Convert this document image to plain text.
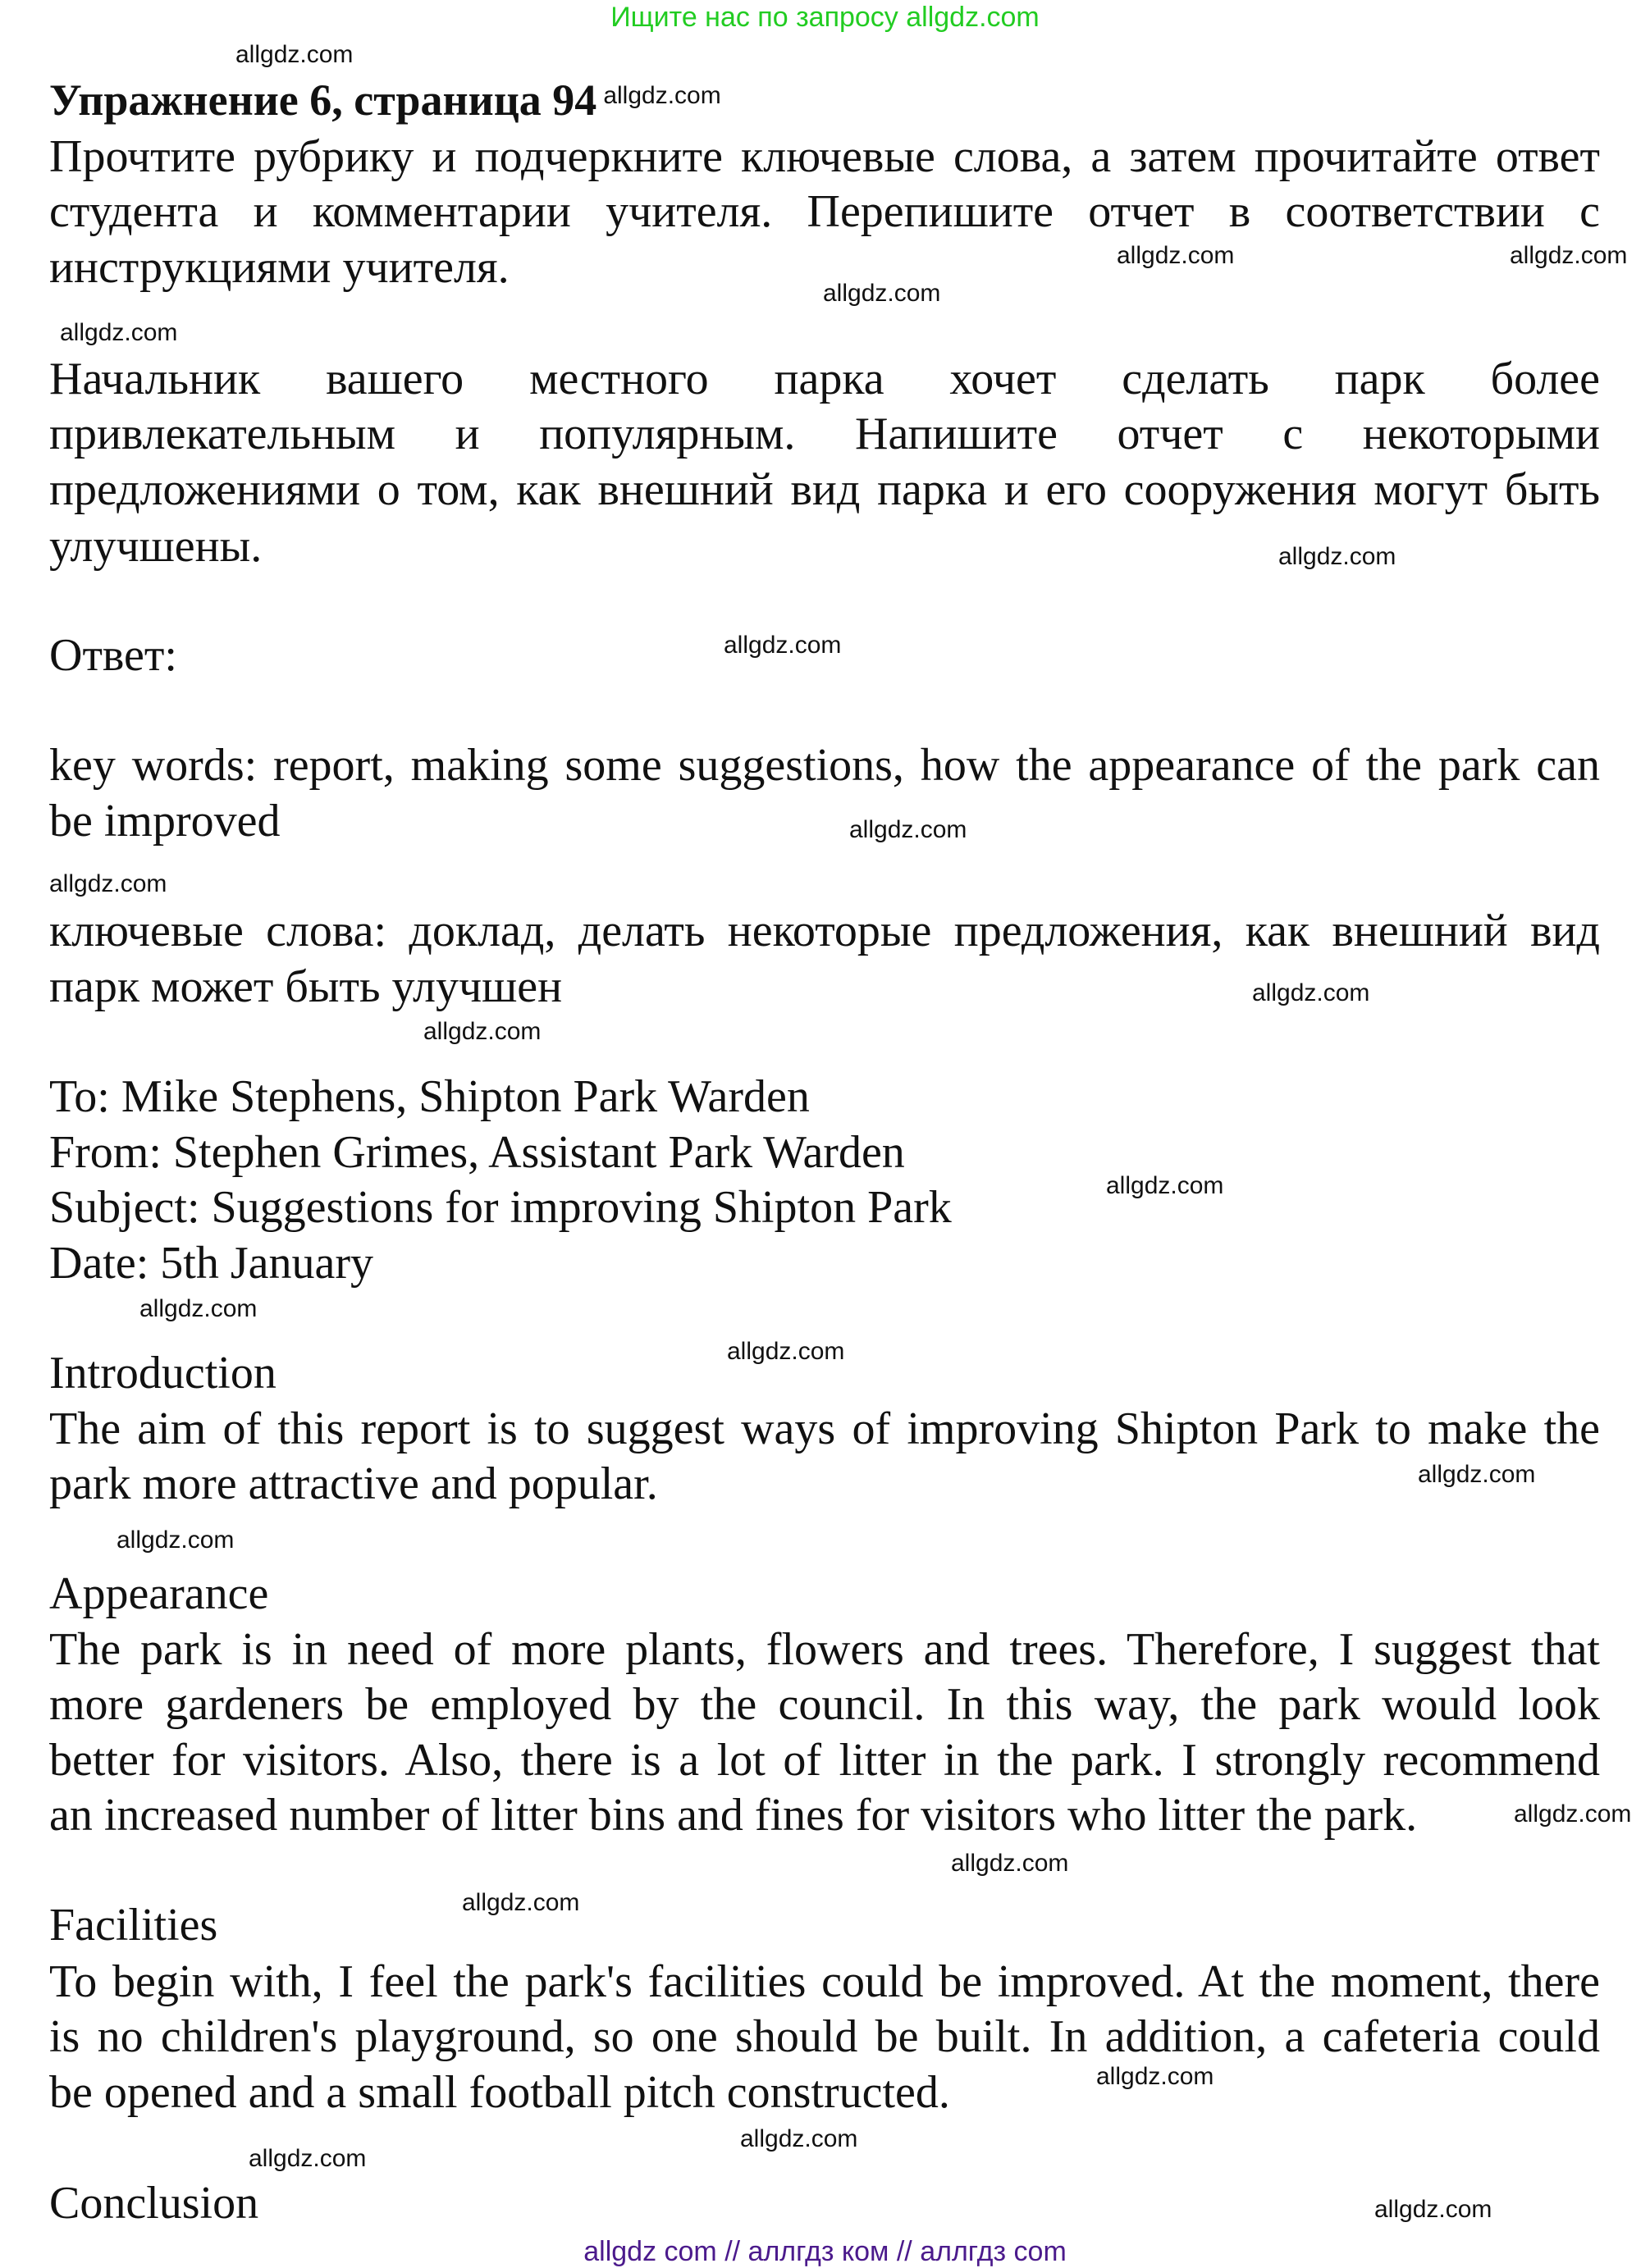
Ищите нас по запросу allgdz.com
Упражнение 6, страница 94 allgdz.com
Прочтите рубрику и подчеркните ключевые слова, а затем прочитайте ответ
студента и комментарии учителя. Перепишите отчет в соответствии с
инструкциями учителя.
Начальник вашего местного парка хочет сделать парк более
привлекательным и популярным. Напишите отчет с некоторыми
предложениями о том, как внешний вид парка и его сооружения могут быть
улучшены.
Ответ:
key words: report, making some suggestions, how the appearance of the park can
be improved
ключевые слова: доклад, делать некоторые предложения, как внешний вид
парк может быть улучшен
To: Mike Stephens, Shipton Park Warden
From: Stephen Grimes, Assistant Park Warden
Subject: Suggestions for improving Shipton Park
Date: 5th January
Introduction
The aim of this report is to suggest ways of improving Shipton Park to make the
park more attractive and popular.
Appearance
The park is in need of more plants, flowers and trees. Therefore, I suggest that
more gardeners be employed by the council. In this way, the park would look
better for visitors. Also, there is a lot of litter in the park. I strongly recommend
an increased number of litter bins and fines for visitors who litter the park.
Facilities
To begin with, I feel the park's facilities could be improved. At the moment, there
is no children's playground, so one should be built. In addition, a cafeteria could
be opened and a small football pitch constructed.
Conclusion
allgdz.com
allgdz.com
allgdz.com
allgdz.com
allgdz.com
allgdz.com
allgdz.com
allgdz.com
allgdz.com
allgdz.com
allgdz.com
allgdz.com
allgdz.com
allgdz.com
allgdz.com
allgdz.com
allgdz.com
allgdz.com
allgdz.com
allgdz.com
allgdz.com
allgdz.com
allgdz.com
allgdz com // аллгдз ком // аллгдз com
